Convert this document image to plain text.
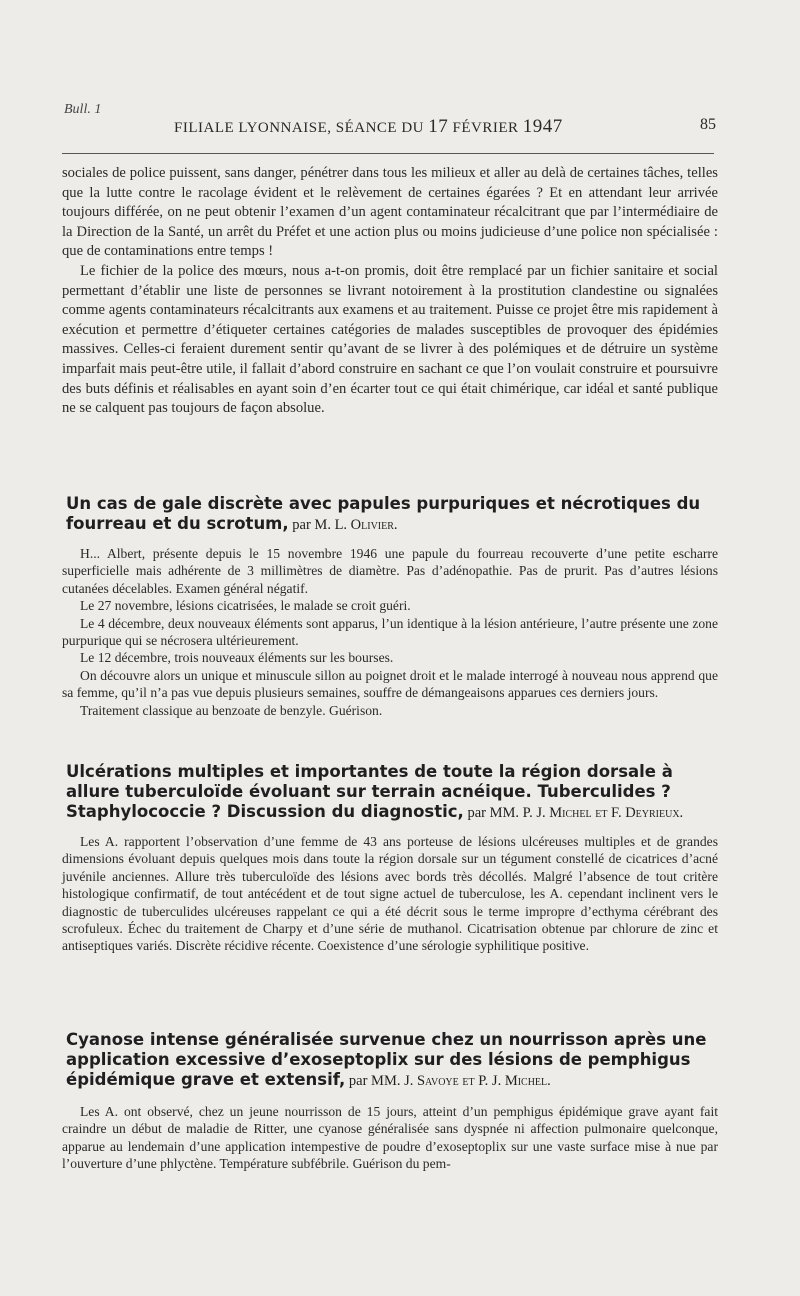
Bull. 1
FILIALE LYONNAISE, SÉANCE DU 17 FÉVRIER 1947	85

sociales de police puissent, sans danger, pénétrer dans tous les milieux et aller au delà de certaines tâches, telles que la lutte contre le racolage évident et le relèvement de certaines égarées ? Et en attendant leur arrivée toujours différée, on ne peut obtenir l’examen d’un agent contaminateur récalcitrant que par l’intermédiaire de la Direction de la Santé, un arrêt du Préfet et une action plus ou moins judicieuse d’une police non spécialisée : que de contaminations entre temps !

Le fichier de la police des mœurs, nous a-t-on promis, doit être remplacé par un fichier sanitaire et social permettant d’établir une liste de personnes se livrant notoirement à la prostitution clandestine ou signalées comme agents contaminateurs récalcitrants aux examens et au traitement. Puisse ce projet être mis rapidement à exécution et permettre d’étiqueter certaines catégories de malades susceptibles de provoquer des épidémies massives. Celles-ci feraient durement sentir qu’avant de se livrer à des polémiques et de détruire un système imparfait mais peut-être utile, il fallait d’abord construire en sachant ce que l’on voulait construire et poursuivre des buts définis et réalisables en ayant soin d’en écarter tout ce qui était chimérique, car idéal et santé publique ne se calquent pas toujours de façon absolue.

Un cas de gale discrète avec papules purpuriques et nécrotiques du fourreau et du scrotum, par M. L. Olivier.

H... Albert, présente depuis le 15 novembre 1946 une papule du fourreau recouverte d’une petite escharre superficielle mais adhérente de 3 millimètres de diamètre. Pas d’adénopathie. Pas de prurit. Pas d’autres lésions cutanées décelables. Examen général négatif.

Le 27 novembre, lésions cicatrisées, le malade se croit guéri.

Le 4 décembre, deux nouveaux éléments sont apparus, l’un identique à la lésion antérieure, l’autre présente une zone purpurique qui se nécrosera ultérieurement.

Le 12 décembre, trois nouveaux éléments sur les bourses.

On découvre alors un unique et minuscule sillon au poignet droit et le malade interrogé à nouveau nous apprend que sa femme, qu’il n’a pas vue depuis plusieurs semaines, souffre de démangeaisons apparues ces derniers jours.

Traitement classique au benzoate de benzyle. Guérison.

Ulcérations multiples et importantes de toute la région dorsale à allure tuberculoïde évoluant sur terrain acnéique. Tuberculides ? Staphylococcie ? Discussion du diagnostic, par MM. P. J. Michel et F. Deyrieux.

Les A. rapportent l’observation d’une femme de 43 ans porteuse de lésions ulcéreuses multiples et de grandes dimensions évoluant depuis quelques mois dans toute la région dorsale sur un tégument constellé de cicatrices d’acné juvénile anciennes. Allure très tuberculoïde des lésions avec bords très décollés. Malgré l’absence de tout critère histologique confirmatif, de tout antécédent et de tout signe actuel de tuberculose, les A. cependant inclinent vers le diagnostic de tuberculides ulcéreuses rappelant ce qui a été décrit sous le terme impropre d’ecthyma cérébrant des scrofuleux. Échec du traitement de Charpy et d’une série de muthanol. Cicatrisation obtenue par chlorure de zinc et antiseptiques variés. Discrète récidive récente. Coexistence d’une sérologie syphilitique positive.

Cyanose intense généralisée survenue chez un nourrisson après une application excessive d’exoseptoplix sur des lésions de pemphigus épidémique grave et extensif, par MM. J. Savoye et P. J. Michel.

Les A. ont observé, chez un jeune nourrisson de 15 jours, atteint d’un pemphigus épidémique grave ayant fait craindre un début de maladie de Ritter, une cyanose généralisée sans dyspnée ni affection pulmonaire quelconque, apparue au lendemain d’une application intempestive de poudre d’exoseptoplix sur une vaste surface mise à nue par l’ouverture d’une phlyctène. Température subfébrile. Guérison du pem-
